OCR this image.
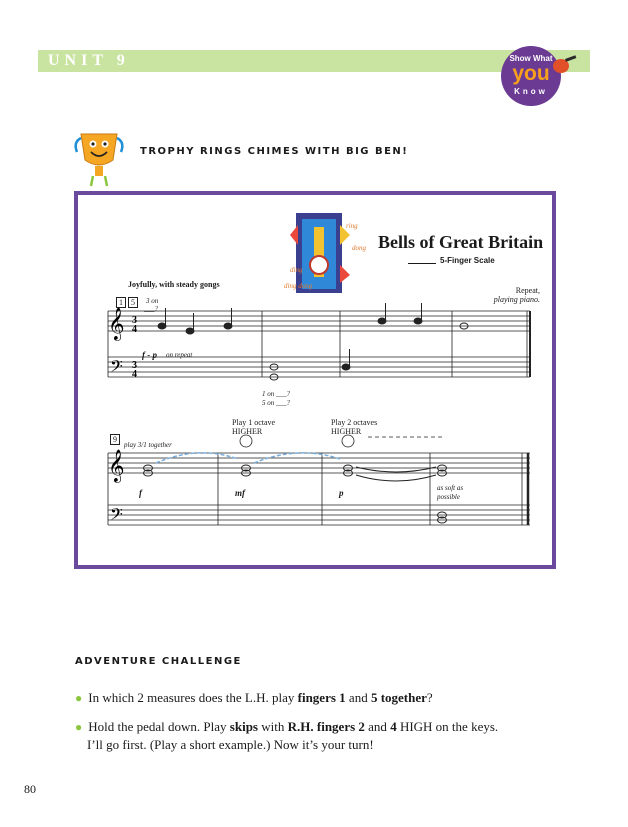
UNIT 9	Show What
you
Know
TROPHY RINGS CHIMES WITH BIG BEN!
𝄞
𝄢
3
4
3
4
𝄞
𝄢
Bells of Great Britain
5-Finger Scale
Joyfully, with steady gongs
Repeat,
playing piano.
1	5	3 on
___?
f - p on repeat
1 on ___?
5 on ___?
9
play 3/1 together
Play 1 octave
HIGHER
Play 2 octaves
HIGHER
f	mf	p	as soft as
possible
ring
dong
ding
ding dong
ADVENTURE CHALLENGE
● In which 2 measures does the L.H. play fingers 1 and 5 together?
● Hold the pedal down. Play skips with R.H. fingers 2 and 4 HIGH on the keys.
I’ll go first. (Play a short example.) Now it’s your turn!
80
